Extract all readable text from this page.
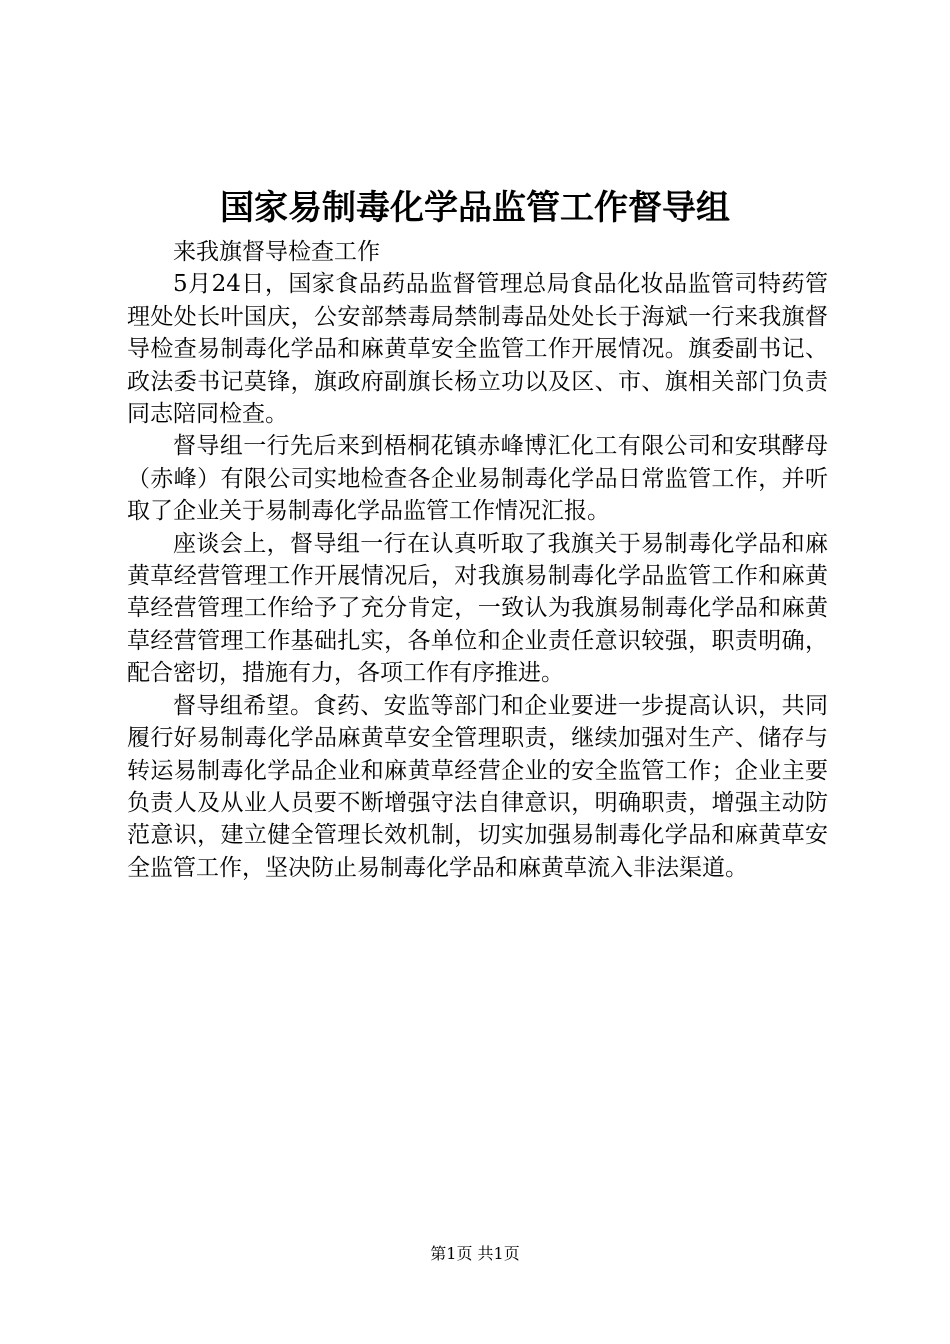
国家易制毒化学品监管工作督导组

来我旗督导检查工作

5月24日，国家食品药品监督管理总局食品化妆品监管司特药管理处处长叶国庆，公安部禁毒局禁制毒品处处长于海斌一行来我旗督导检查易制毒化学品和麻黄草安全监管工作开展情况。旗委副书记、政法委书记莫锋，旗政府副旗长杨立功以及区、市、旗相关部门负责同志陪同检查。

督导组一行先后来到梧桐花镇赤峰博汇化工有限公司和安琪酵母（赤峰）有限公司实地检查各企业易制毒化学品日常监管工作，并听取了企业关于易制毒化学品监管工作情况汇报。

座谈会上，督导组一行在认真听取了我旗关于易制毒化学品和麻黄草经营管理工作开展情况后，对我旗易制毒化学品监管工作和麻黄草经营管理工作给予了充分肯定，一致认为我旗易制毒化学品和麻黄草经营管理工作基础扎实，各单位和企业责任意识较强，职责明确，配合密切，措施有力，各项工作有序推进。

督导组希望。食药、安监等部门和企业要进一步提高认识，共同履行好易制毒化学品麻黄草安全管理职责，继续加强对生产、储存与转运易制毒化学品企业和麻黄草经营企业的安全监管工作；企业主要负责人及从业人员要不断增强守法自律意识，明确职责，增强主动防范意识，建立健全管理长效机制，切实加强易制毒化学品和麻黄草安全监管工作，坚决防止易制毒化学品和麻黄草流入非法渠道。

第1页 共1页
